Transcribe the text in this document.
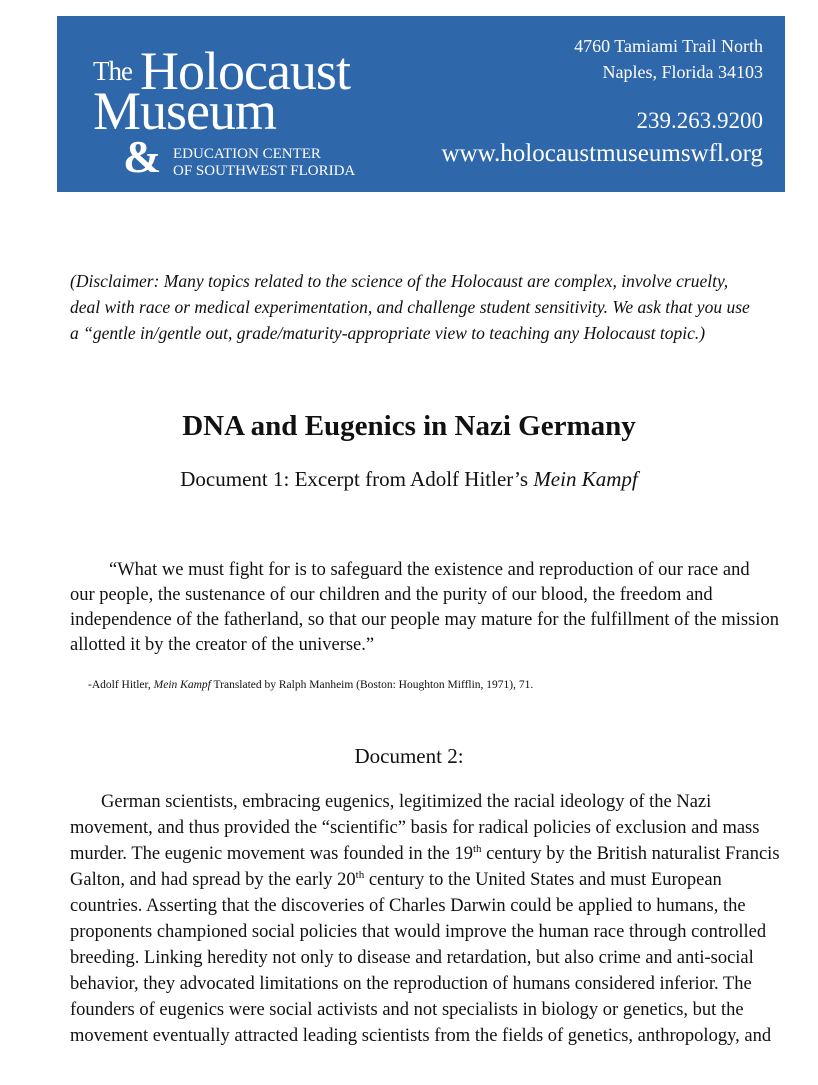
The Holocaust
Museum
& EDUCATION CENTER
OF SOUTHWEST FLORIDA
4760 Tamiami Trail North
Naples, Florida 34103
239.263.9200
www.holocaustmuseumswfl.org
(Disclaimer: Many topics related to the science of the Holocaust are complex, involve cruelty,
deal with race or medical experimentation, and challenge student sensitivity. We ask that you use
a “gentle in/gentle out, grade/maturity-appropriate view to teaching any Holocaust topic.)
DNA and Eugenics in Nazi Germany
Document 1: Excerpt from Adolf Hitler’s Mein Kampf
“What we must fight for is to safeguard the existence and reproduction of our race and
our people, the sustenance of our children and the purity of our blood, the freedom and
independence of the fatherland, so that our people may mature for the fulfillment of the mission
allotted it by the creator of the universe.”
-Adolf Hitler, Mein Kampf Translated by Ralph Manheim (Boston: Houghton Mifflin, 1971), 71.
Document 2:
German scientists, embracing eugenics, legitimized the racial ideology of the Nazi
movement, and thus provided the “scientific” basis for radical policies of exclusion and mass
murder. The eugenic movement was founded in the 19th century by the British naturalist Francis
Galton, and had spread by the early 20th century to the United States and must European
countries. Asserting that the discoveries of Charles Darwin could be applied to humans, the
proponents championed social policies that would improve the human race through controlled
breeding. Linking heredity not only to disease and retardation, but also crime and anti-social
behavior, they advocated limitations on the reproduction of humans considered inferior. The
founders of eugenics were social activists and not specialists in biology or genetics, but the
movement eventually attracted leading scientists from the fields of genetics, anthropology, and
